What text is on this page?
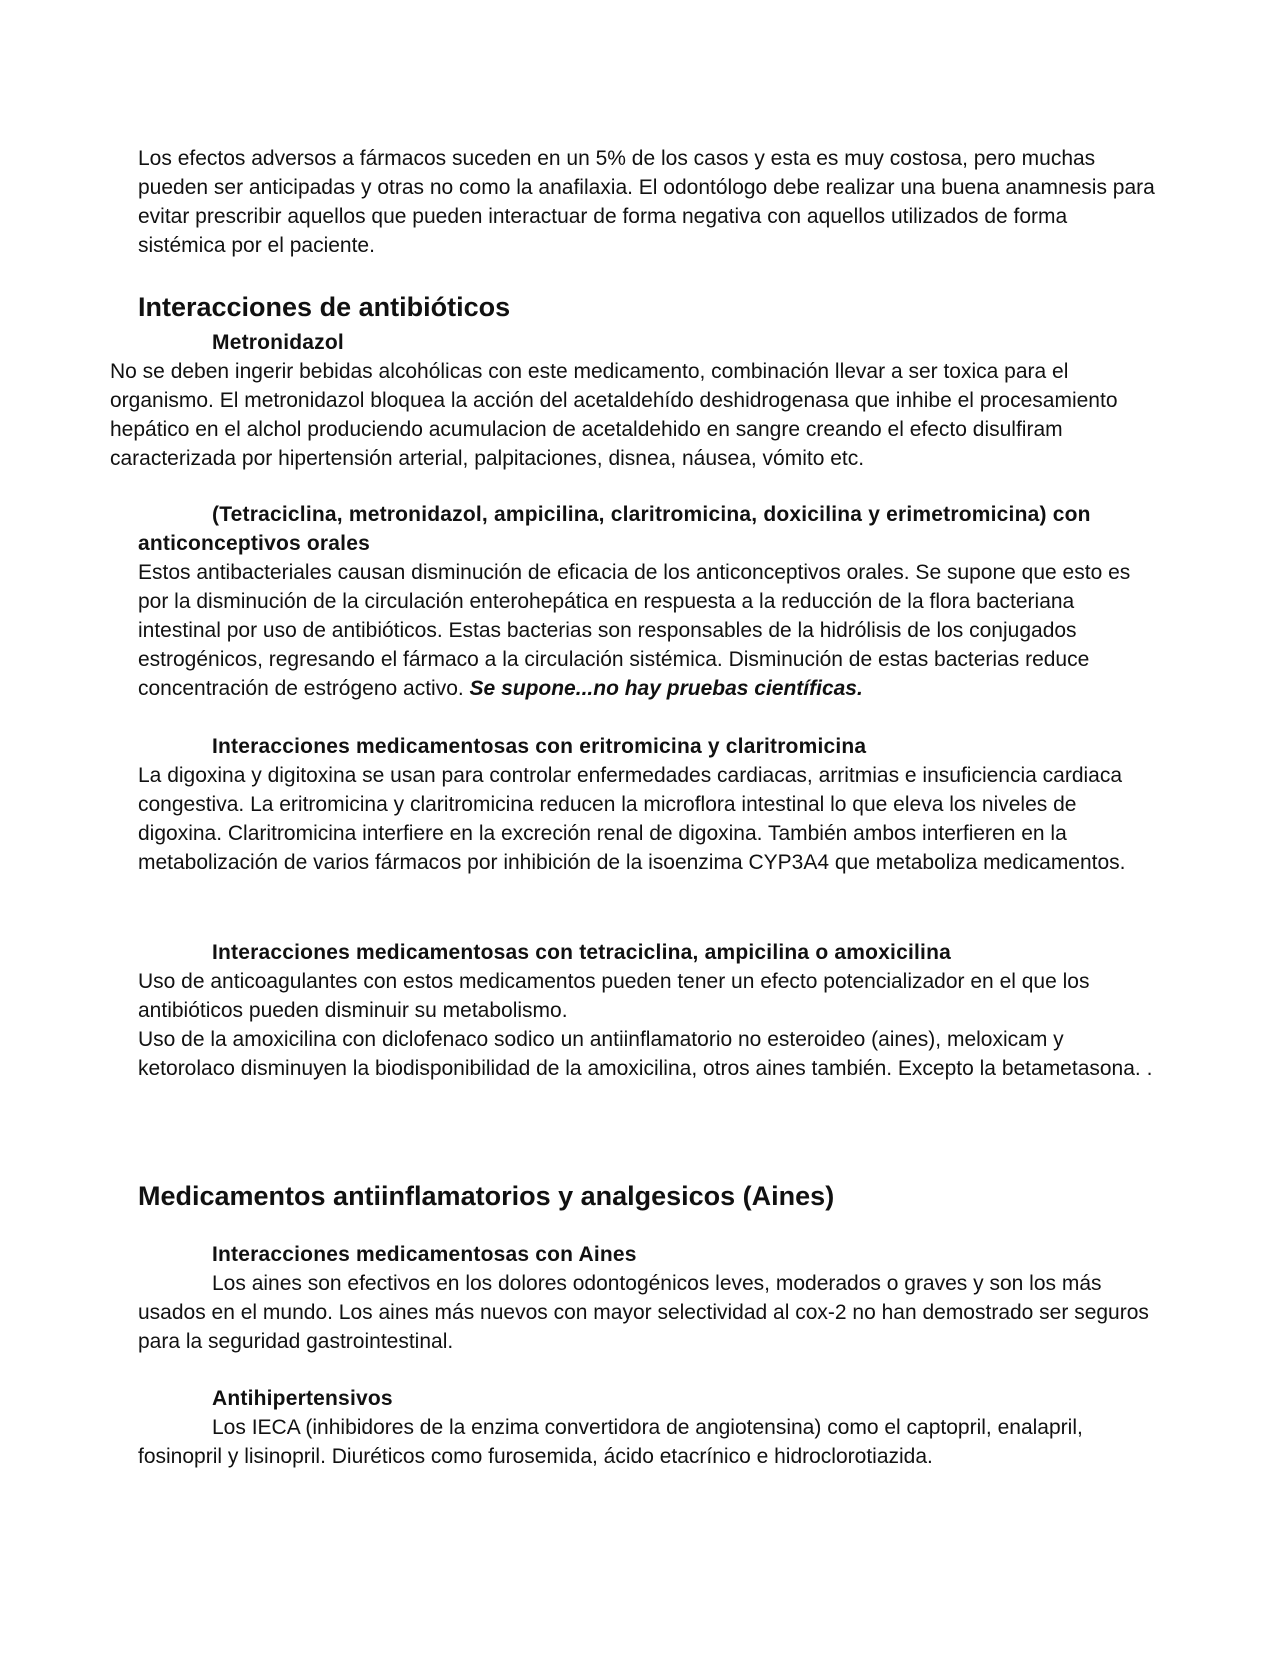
Los efectos adversos a fármacos suceden en un 5% de los casos y esta es muy costosa, pero muchas pueden ser anticipadas y otras no como la anafilaxia. El odontólogo debe realizar una buena anamnesis para evitar prescribir aquellos que pueden interactuar de forma negativa con aquellos utilizados de forma sistémica por el paciente.

Interacciones de antibióticos
Metronidazol

No se deben ingerir bebidas alcohólicas con este medicamento, combinación llevar a ser toxica para el organismo. El metronidazol bloquea la acción del acetaldehído deshidrogenasa que inhibe el procesamiento hepático en el alchol produciendo acumulacion de acetaldehido en sangre creando el efecto disulfiram caracterizada por hipertensión arterial, palpitaciones, disnea, náusea, vómito etc.

(Tetraciclina, metronidazol, ampicilina, claritromicina, doxicilina y erimetromicina) con anticonceptivos orales

Estos antibacteriales causan disminución de eficacia de los anticonceptivos orales. Se supone que esto es por la disminución de la circulación enterohepática en respuesta a la reducción de la flora bacteriana intestinal por uso de antibióticos. Estas bacterias son responsables de la hidrólisis de los conjugados estrogénicos, regresando el fármaco a la circulación sistémica. Disminución de estas bacterias reduce concentración de estrógeno activo. Se supone...no hay pruebas científicas.

Interacciones medicamentosas con eritromicina y claritromicina

La digoxina y digitoxina se usan para controlar enfermedades cardiacas, arritmias e insuficiencia cardiaca congestiva. La eritromicina y claritromicina reducen la microflora intestinal lo que eleva los niveles de digoxina. Claritromicina interfiere en la excreción renal de digoxina. También ambos interfieren en la metabolización de varios fármacos por inhibición de la isoenzima CYP3A4 que metaboliza medicamentos.

Interacciones medicamentosas con tetraciclina, ampicilina o amoxicilina

Uso de anticoagulantes con estos medicamentos pueden tener un efecto potencializador en el que los antibióticos pueden disminuir su metabolismo.

Uso de la amoxicilina con diclofenaco sodico un antiinflamatorio no esteroideo (aines), meloxicam y ketorolaco disminuyen la biodisponibilidad de la amoxicilina, otros aines también. Excepto la betametasona. .

Medicamentos antiinflamatorios y analgesicos (Aines)
Interacciones medicamentosas con Aines

Los aines son efectivos en los dolores odontogénicos leves, moderados o graves y son los más usados en el mundo. Los aines más nuevos con mayor selectividad al cox-2 no han demostrado ser seguros para la seguridad gastrointestinal.

Antihipertensivos

Los IECA (inhibidores de la enzima convertidora de angiotensina) como el captopril, enalapril, fosinopril y lisinopril. Diuréticos como furosemida, ácido etacrínico e hidroclorotiazida.
